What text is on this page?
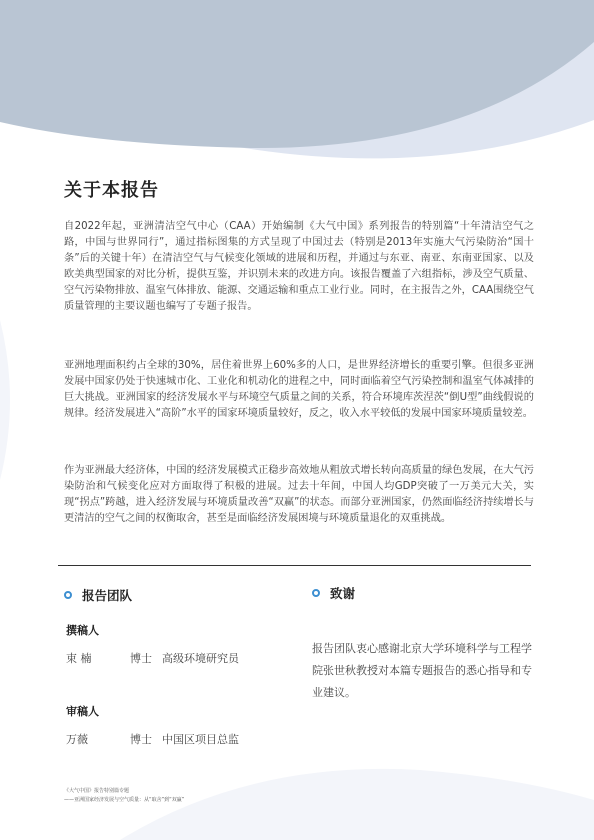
关于本报告

自2022年起，亚洲清洁空气中心（CAA）开始编制《大气中国》系列报告的特别篇“十年清洁空气之路，中国与世界同行”，通过指标图集的方式呈现了中国过去（特别是2013年实施大气污染防治“国十条”后的关键十年）在清洁空气与气候变化领域的进展和历程，并通过与东亚、南亚、东南亚国家、以及欧美典型国家的对比分析，提供互鉴，并识别未来的改进方向。该报告覆盖了六组指标，涉及空气质量、空气污染物排放、温室气体排放、能源、交通运输和重点工业行业。同时，在主报告之外，CAA围绕空气质量管理的主要议题也编写了专题子报告。

亚洲地理面积约占全球的30%，居住着世界上60%多的人口，是世界经济增长的重要引擎。但很多亚洲发展中国家仍处于快速城市化、工业化和机动化的进程之中，同时面临着空气污染控制和温室气体减排的巨大挑战。亚洲国家的经济发展水平与环境空气质量之间的关系，符合环境库茨涅茨“倒U型”曲线假说的规律。经济发展进入“高阶”水平的国家环境质量较好，反之，收入水平较低的发展中国家环境质量较差。

作为亚洲最大经济体，中国的经济发展模式正稳步高效地从粗放式增长转向高质量的绿色发展，在大气污染防治和气候变化应对方面取得了积极的进展。过去十年间，中国人均GDP突破了一万美元大关，实现“拐点”跨越，进入经济发展与环境质量改善“双赢”的状态。而部分亚洲国家，仍然面临经济持续增长与更清洁的空气之间的权衡取舍，甚至是面临经济发展困境与环境质量退化的双重挑战。

报告团队
撰稿人
束 楠	博士 高级环境研究员
审稿人
万薇	博士 中国区项目总监
致谢
报告团队衷心感谢北京大学环境科学与工程学院张世秋教授对本篇专题报告的悉心指导和专业建议。
《大气中国》报告特别篇专题
——亚洲国家经济发展与空气质量：从“取舍”到“双赢”
